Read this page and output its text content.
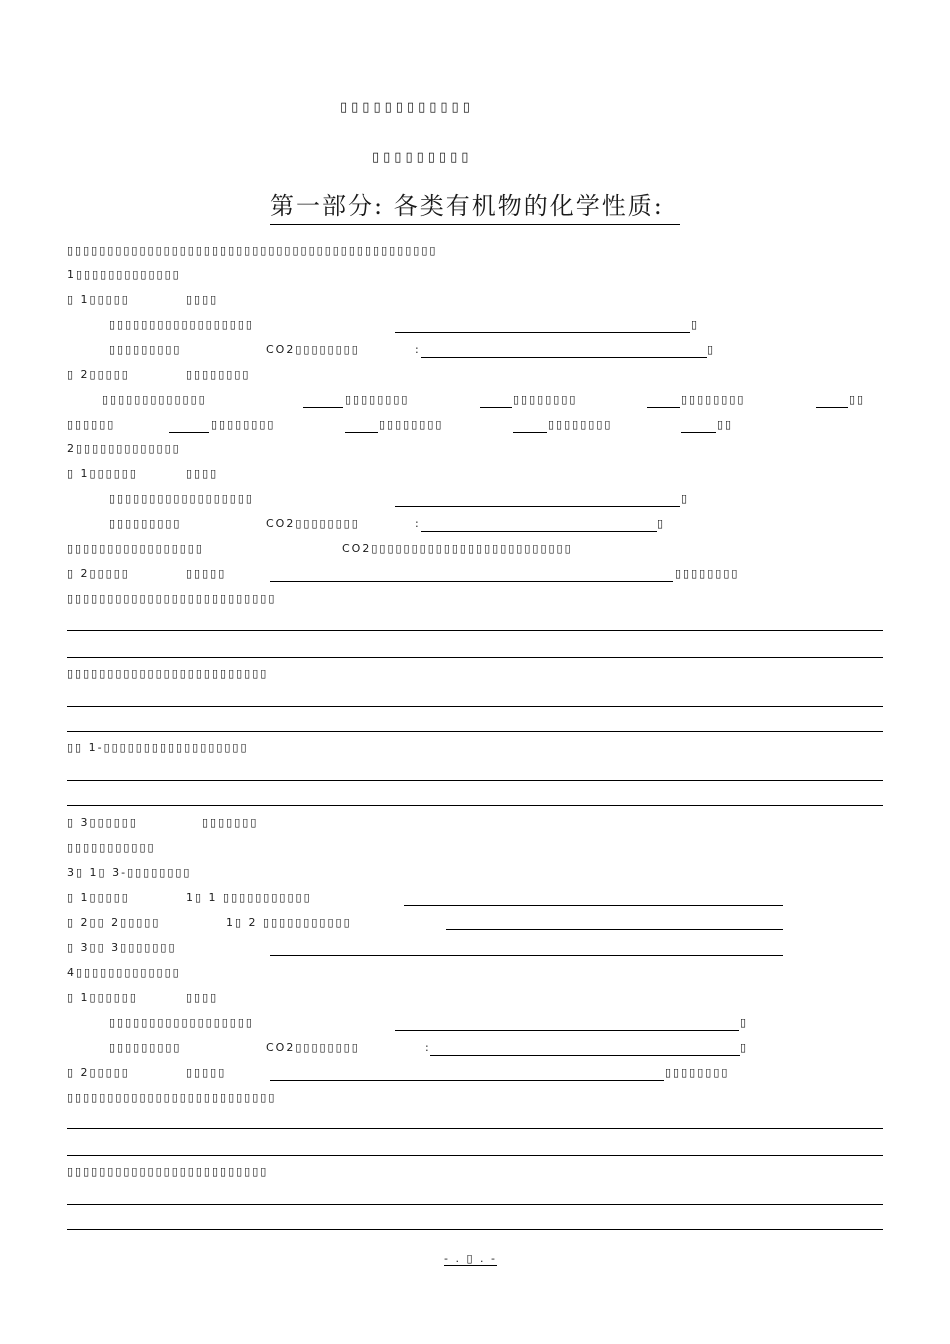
▯▯▯▯▯▯▯▯▯▯▯▯
▯▯▯▯▯▯▯▯▯
第一部分: 各类有机物的化学性质:
▯▯▯▯▯▯▯▯▯▯▯▯▯▯▯▯▯▯▯▯▯▯▯▯▯▯▯▯▯▯▯▯▯▯▯▯▯▯▯▯▯▯▯▯▯▯
1▯▯▯▯▯▯▯▯▯▯▯▯▯
▯ 1▯▯▯▯▯	▯▯▯▯
▯▯▯▯▯▯▯▯▯▯▯▯▯▯▯▯▯▯	▯
▯▯▯▯▯▯▯▯▯	CO2▯▯▯▯▯▯▯▯	:	▯
▯ 2▯▯▯▯▯	▯▯▯▯▯▯▯▯
▯▯▯▯▯▯▯▯▯▯▯▯▯	▯▯▯▯▯▯▯▯	▯▯▯▯▯▯▯▯	▯▯▯▯▯▯▯▯	▯▯
▯▯▯▯▯▯	▯▯▯▯▯▯▯▯	▯▯▯▯▯▯▯▯	▯▯▯▯▯▯▯▯	▯▯
2▯▯▯▯▯▯▯▯▯▯▯▯▯
▯ 1▯▯▯▯▯▯	▯▯▯▯
▯▯▯▯▯▯▯▯▯▯▯▯▯▯▯▯▯▯	▯
▯▯▯▯▯▯▯▯▯	CO2▯▯▯▯▯▯▯▯	:	▯
▯▯▯▯▯▯▯▯▯▯▯▯▯▯▯▯▯	CO2▯▯▯▯▯▯▯▯▯▯▯▯▯▯▯▯▯▯▯▯▯▯▯▯▯
▯ 2▯▯▯▯▯	▯▯▯▯▯	▯▯▯▯▯▯▯▯
▯▯▯▯▯▯▯▯▯▯▯▯▯▯▯▯▯▯▯▯▯▯▯▯▯▯
▯▯▯▯▯▯▯▯▯▯▯▯▯▯▯▯▯▯▯▯▯▯▯▯▯
▯▯ 1-▯▯▯▯▯▯▯▯▯▯▯▯▯▯▯▯▯▯
▯ 3▯▯▯▯▯▯	▯▯▯▯▯▯▯
▯▯▯▯▯▯▯▯▯▯▯
3▯ 1▯ 3-▯▯▯▯▯▯▯▯
▯ 1▯▯▯▯▯	1▯ 1 ▯▯▯▯▯▯▯▯▯▯▯
▯ 2▯▯ 2▯▯▯▯▯	1▯ 2 ▯▯▯▯▯▯▯▯▯▯▯
▯ 3▯▯ 3▯▯▯▯▯▯▯
4▯▯▯▯▯▯▯▯▯▯▯▯▯
▯ 1▯▯▯▯▯▯	▯▯▯▯
▯▯▯▯▯▯▯▯▯▯▯▯▯▯▯▯▯▯	▯
▯▯▯▯▯▯▯▯▯	CO2▯▯▯▯▯▯▯▯	:	▯
▯ 2▯▯▯▯▯	▯▯▯▯▯	▯▯▯▯▯▯▯▯
▯▯▯▯▯▯▯▯▯▯▯▯▯▯▯▯▯▯▯▯▯▯▯▯▯▯
▯▯▯▯▯▯▯▯▯▯▯▯▯▯▯▯▯▯▯▯▯▯▯▯▯
- . ▯ . -
